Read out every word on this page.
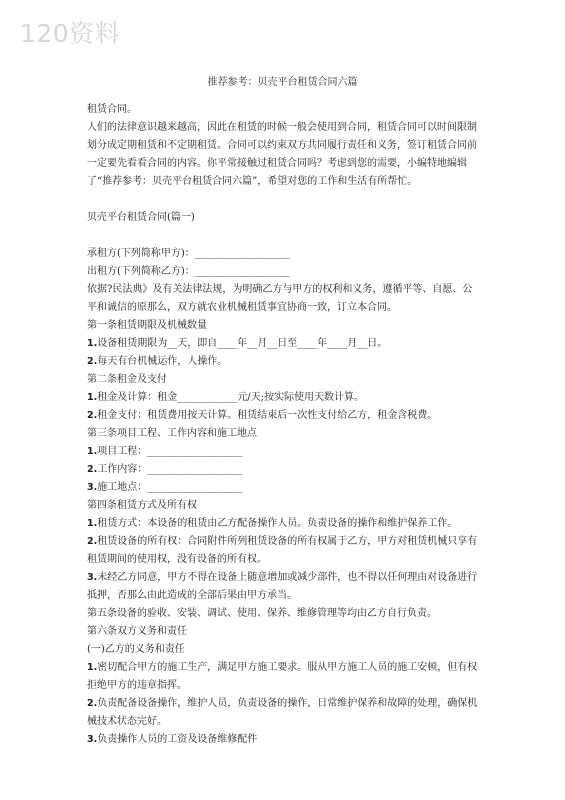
120资料
推荐参考：贝壳平台租赁合同六篇

租赁合同。

人们的法律意识越来越高，因此在租赁的时候一般会使用到合同，租赁合同可以时间限制划分成定期租赁和不定期租赁。合同可以约束双方共同履行责任和义务，签订租赁合同前一定要先看看合同的内容。你平常接触过租赁合同吗？考虑到您的需要，小编特地编辑了“推荐参考：贝壳平台租赁合同六篇”，希望对您的工作和生活有所帮忙。

贝壳平台租赁合同(篇一)

承租方(下列简称甲方)：___________________

出租方(下列简称乙方)：___________________

依据?民法典》及有关法律法规，为明确乙方与甲方的权利和义务，遵循平等、自愿、公平和诚信的原那么，双方就农业机械租赁事宜协商一致，订立本合同。

第一条租赁期限及机械数量

1.设备租赁期限为__天，即自____年__月__日至____年____月__日。

2.每天有台机械运作，人操作。

第二条租金及支付

1.租金及计算：租金____________元/天;按实际使用天数计算。

2.租金支付：租赁费用按天计算。租赁结束后一次性支付给乙方，租金含税费。

第三条项目工程、工作内容和施工地点

1.项目工程：___________________

2.工作内容：___________________

3.施工地点：___________________

第四条租赁方式及所有权

1.租赁方式：本设备的租赁由乙方配备操作人员。负责设备的操作和维护保养工作。

2.租赁设备的所有权：合同附件所列租赁设备的所有权属于乙方，甲方对租赁机械只享有租赁期间的使用权，没有设备的所有权。

3.未经乙方同意，甲方不得在设备上随意增加或减少部件，也不得以任何理由对设备进行抵押，否那么由此造成的全部后果由甲方承当。

第五条设备的验收、安装、调试、使用、保养、维修管理等均由乙方自行负责。

第六条双方义务和责任

(一)乙方的义务和责任

1.密切配合甲方的施工生产，满足甲方施工要求。服从甲方施工人员的施工安顿，但有权拒绝甲方的违章指挥。

2.负责配备设备操作，维护人员，负责设备的操作，日常维护保养和故障的处理，确保机械技术状态完好。

3.负责操作人员的工资及设备维修配件
